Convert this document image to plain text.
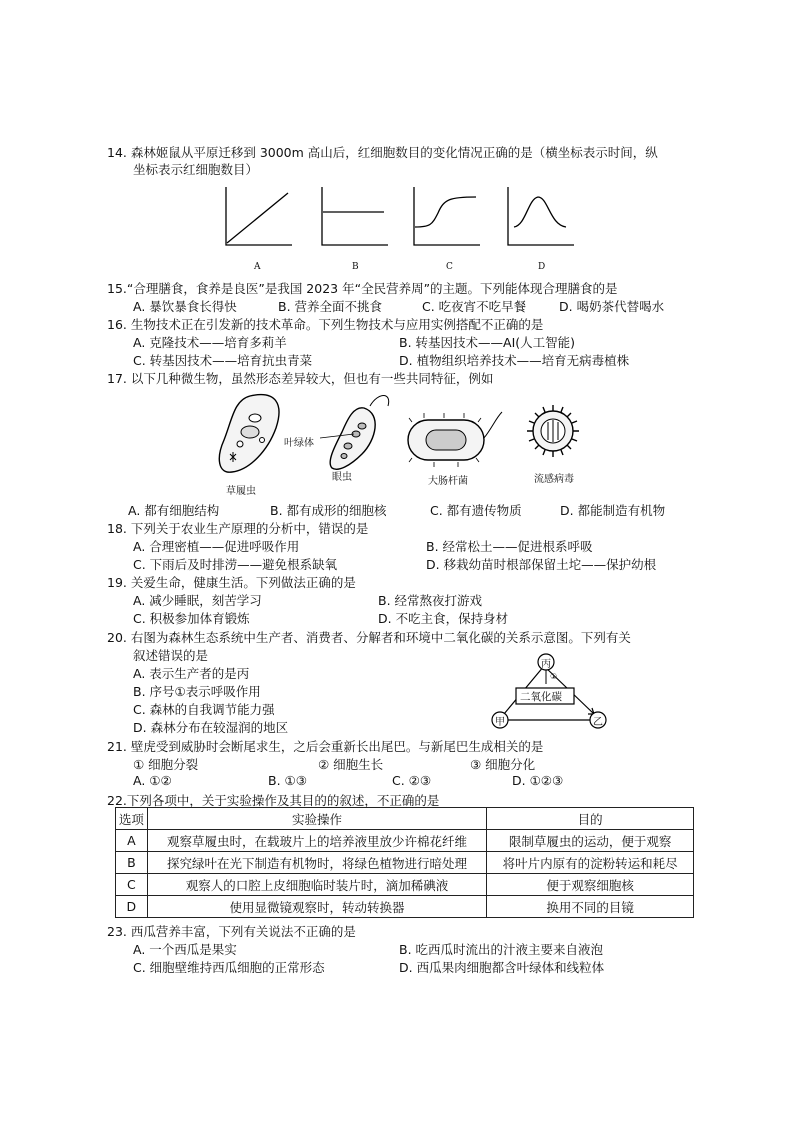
14. 森林姬鼠从平原迁移到 3000m 高山后，红细胞数目的变化情况正确的是（横坐标表示时间，纵
坐标表示红细胞数目）
A	B	C	D
15.“合理膳食，食养是良医”是我国 2023 年“全民营养周”的主题。下列能体现合理膳食的是
A. 暴饮暴食长得快	B. 营养全面不挑食	C. 吃夜宵不吃早餐	D. 喝奶茶代替喝水
16. 生物技术正在引发新的技术革命。下列生物技术与应用实例搭配不正确的是
A. 克隆技术——培育多莉羊	B. 转基因技术——AI(人工智能)
C. 转基因技术——培育抗虫青菜	D. 植物组织培养技术——培育无病毒植株
17. 以下几种微生物，虽然形态差异较大，但也有一些共同特征，例如
草履虫
叶绿体
眼虫	大肠杆菌	流感病毒
A. 都有细胞结构	B. 都有成形的细胞核	C. 都有遗传物质	D. 都能制造有机物
18. 下列关于农业生产原理的分析中，错误的是
A. 合理密植——促进呼吸作用	B. 经常松土——促进根系呼吸
C. 下雨后及时排涝——避免根系缺氧	D. 移栽幼苗时根部保留土坨——保护幼根
19. 关爱生命，健康生活。下列做法正确的是
A. 减少睡眠，刻苦学习	B. 经常熬夜打游戏
C. 积极参加体育锻炼	D. 不吃主食，保持身材
20. 右图为森林生态系统中生产者、消费者、分解者和环境中二氧化碳的关系示意图。下列有关
叙述错误的是
A. 表示生产者的是丙
B. 序号①表示呼吸作用
C. 森林的自我调节能力强
D. 森林分布在较湿润的地区
丙
甲	乙
二氧化碳
①
21. 壁虎受到威胁时会断尾求生，之后会重新长出尾巴。与新尾巴生成相关的是
① 细胞分裂	② 细胞生长	③ 细胞分化
A. ①②	B. ①③	C. ②③	D. ①②③
22.下列各项中，关于实验操作及其目的的叙述，不正确的是
选项	实验操作	目的
A	观察草履虫时，在载玻片上的培养液里放少许棉花纤维	限制草履虫的运动，便于观察
B	探究绿叶在光下制造有机物时，将绿色植物进行暗处理	将叶片内原有的淀粉转运和耗尽
C	观察人的口腔上皮细胞临时装片时，滴加稀碘液	便于观察细胞核
D	使用显微镜观察时，转动转换器	换用不同的目镜
23. 西瓜营养丰富，下列有关说法不正确的是
A. 一个西瓜是果实	B. 吃西瓜时流出的汁液主要来自液泡
C. 细胞壁维持西瓜细胞的正常形态	D. 西瓜果肉细胞都含叶绿体和线粒体
